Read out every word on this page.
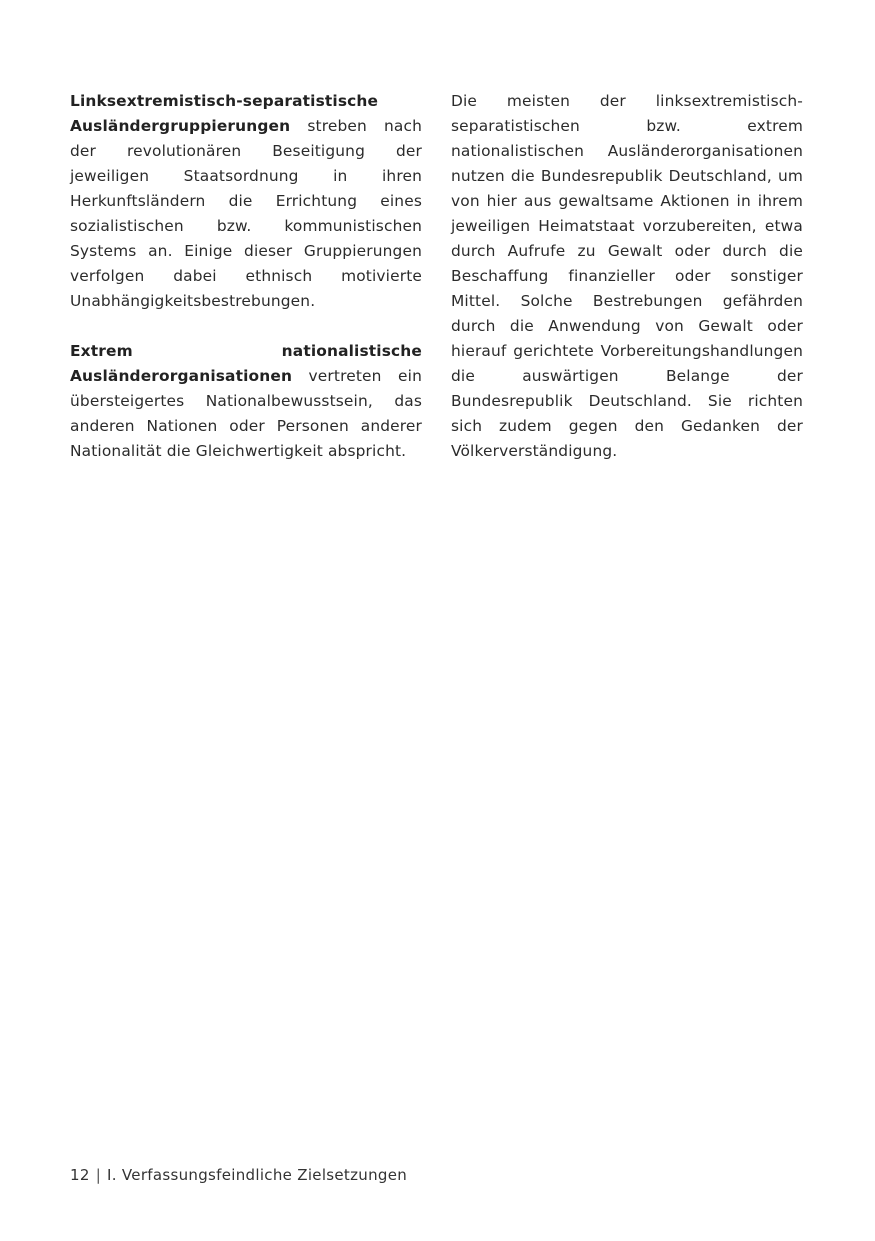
Linksextremistisch-separatistische Ausländergruppierungen streben nach der revolutionären Beseitigung der jeweiligen Staatsordnung in ihren Herkunftsländern die Errichtung eines sozialistischen bzw. kommunistischen Systems an. Einige dieser Gruppierungen verfolgen dabei ethnisch motivierte Unabhängigkeitsbestrebungen.

Extrem nationalistische Ausländerorganisationen vertreten ein übersteigertes Nationalbewusstsein, das anderen Nationen oder Personen anderer Nationalität die Gleichwertigkeit abspricht.

Die meisten der linksextremistisch-separatistischen bzw. extrem nationalistischen Ausländerorganisationen nutzen die Bundesrepublik Deutschland, um von hier aus gewaltsame Aktionen in ihrem jeweiligen Heimatstaat vorzubereiten, etwa durch Aufrufe zu Gewalt oder durch die Beschaffung finanzieller oder sonstiger Mittel. Solche Bestrebungen gefährden durch die Anwendung von Gewalt oder hierauf gerichtete Vorbereitungshandlungen die auswärtigen Belange der Bundesrepublik Deutschland. Sie richten sich zudem gegen den Gedanken der Völkerverständigung.

12 | I. Verfassungsfeindliche Zielsetzungen
